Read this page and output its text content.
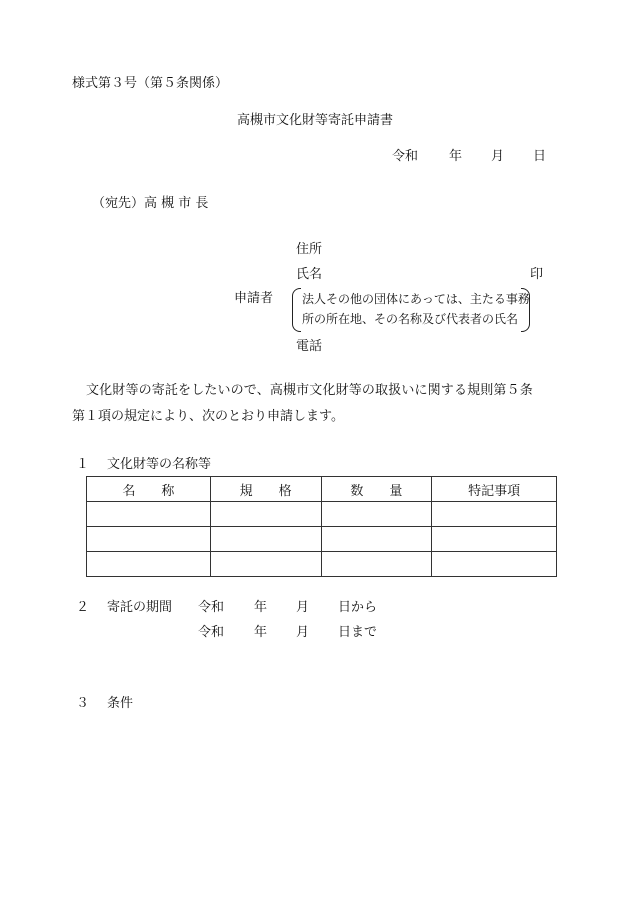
様式第３号（第５条関係）
高槻市文化財等寄託申請書
令和 年 月 日
（宛先）高 槻 市 長
住所
氏名	印
申請者 法人その他の団体にあっては、主たる事務
所の所在地、その名称及び代表者の氏名
電話
文化財等の寄託をしたいので、高槻市文化財等の取扱いに関する規則第５条
第１項の規定により、次のとおり申請します。
１ 文化財等の名称等
名　　称	規　　格	数　　量	特記事項

２ 寄託の期間 令和 年 月 日から
令和 年 月 日まで
３ 条件
